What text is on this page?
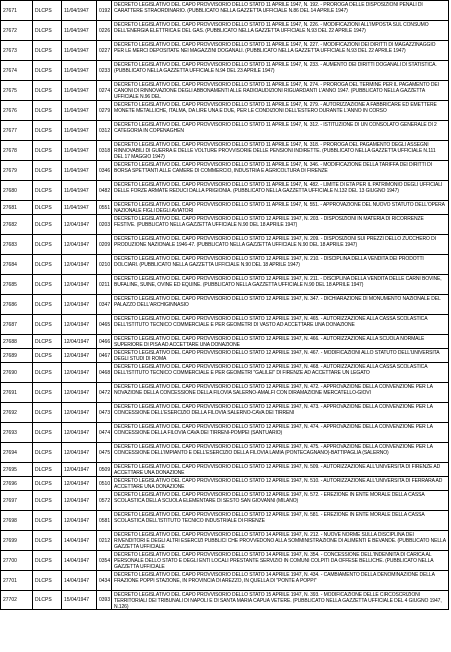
27671	DLCPS 11/04/1947 0192
DECRETO LEGISLATIVO DEL CAPO PROVVISORIO DELLO STATO 11 APRILE 1947, N. 192. - PROROGA DELLE DISPOSIZIONI PENALI DI CARATTERE STRAORDINARIO. (PUBBLICATO NELLA GAZZETTA UFFICIALE N.86 DEL 14 APRILE 1947)
27672	DLCPS 11/04/1947 0226
DECRETO LEGISLATIVO DEL CAPO PROVVISORIO DELLO STATO 11 APRILE 1947, N. 226. - MODIFICAZIONI ALL'IMPOSTA SUL CONSUMO DELL'ENERGIA ELETTRICA E DEL GAS. (PUBBLICATO NELLA GAZZETTA UFFICIALE N.93 DEL 22 APRILE 1947)
27673	DLCPS 11/04/1947 0227
DECRETO LEGISLATIVO DEL CAPO PROVVISORIO DELLO STATO 11 APRILE 1947, N. 227. - MODIFICAZIONI DEI DIRITTI DI MAGAZZINAGGIO PER LE MERCI DEPOSITATE NEI MAGAZZINI DOGANALI. (PUBBLICATO NELLA GAZZETTA UFFICIALE N.93 DEL 22 APRILE 1947)
27674	DLCPS 11/04/1947 0233
DECRETO LEGISLATIVO DEL CAPO PROVVISORIO DELLO STATO 11 APRILE 1947, N. 233. - AUMENTO DEI DIRITTI DOGANALI DI STATISTICA. (PUBBLICATO NELLA GAZZETTA UFFICIALE N.94 DEL 23 APRILE 1947)
27675	DLCPS 11/04/1947 0274
DECRETO LEGISLATIVO DEL CAPO PROVVISORIO DELLO STATO 11 APRILE 1947, N. 274. - PROROGA DEL TERMINE PER IL PAGAMENTO DEI CANONI DI RINNOVAZIONE DEGLI ABBONAMENTI ALLE RADIOAUDIZIONI RIGUARDANTI L'ANNO 1947. (PUBBLICATO NELLA GAZZETTA UFFICIALE N.96 DEL
27676	DLCPS 11/04/1947 0279
DECRETO LEGISLATIVO DEL CAPO PROVVISORIO DELLO STATO 11 APRILE 1947, N. 279. - AUTORIZZAZIONE A FABBRICARE ED EMETTERE MONETE METALLICHE, ITALMA, DA LIRE UNA E DUE, PER LE CONDIZIONI DELL'ESTERO DURANTE L'ANNO IN CORSO
27677	DLCPS 11/04/1947 0312
DECRETO LEGISLATIVO DEL CAPO PROVVISORIO DELLO STATO 11 APRILE 1947, N. 312. - ISTITUZIONE DI UN CONSOLATO GENERALE DI 2 CATEGORIA IN COPENAGHEN
27678	DLCPS 11/04/1947 0318
DECRETO LEGISLATIVO DEL CAPO PROVVISORIO DELLO STATO 11 APRILE 1947, N. 318. - PROROGA DEL PAGAMENTO DEGLI ASSEGNI RINNOVABILI DI GUERRA E DELLE VOLTURE PROVVISORIE DELLE PENSIONI INDIRETTE. (PUBBLICATO NELLA GAZZETTA UFFICIALE N.111 DEL 17 MAGGIO 1947)
27679	DLCPS 11/04/1947 0346
DECRETO LEGISLATIVO DEL CAPO PROVVISORIO DELLO STATO 11 APRILE 1947, N. 346. - MODIFICAZIONE DELLA TARIFFA DEI DIRITTI DI BORSA SPETTANTI ALLE CAMERE DI COMMERCIO, INDUSTRIA E AGRICOLTURA DI FIRENZE
27680	DLCPS 11/04/1947 0482
DECRETO LEGISLATIVO DEL CAPO PROVVISORIO DELLO STATO 11 APRILE 1947, N. 482. - LIMITE DI ETA PER IL PATRIMONIO DEGLI UFFICIALI DELLE FORZE ARMATE REDUCI DALLA PRIGIONIA. (PUBBLICATO NELLA GAZZETTA UFFICIALE N.132 DEL 13 GIUGNO 1947)
27681	DLCPS 11/04/1947 0551 DECRETO LEGISLATIVO DEL CAPO PROVVISORIO DELLO STATO 11 APRILE 1947, N. 551. - APPROVAZIONE DEL NUOVO STATUTO DELL'OPERA NAZIONALE FIGLI DEGLI AVIATORI
27682	DLCPS 12/04/1947 0203
DECRETO LEGISLATIVO DEL CAPO PROVVISORIO DELLO STATO 12 APRILE 1947, N. 203. - DISPOSIZIONI IN MATERIA DI RICORRENZE FESTIVE. (PUBBLICATO NELLA GAZZETTA UFFICIALE N.90 DEL 18 APRILE 1947)
27683	DLCPS 12/04/1947 0209
DECRETO LEGISLATIVO DEL CAPO PROVVISORIO DELLO STATO 12 APRILE 1947, N. 209. - DISPOSIZIONI SUI PREZZI DELLO ZUCCHERO DI PRODUZIONE NAZIONALE 1946-47. (PUBBLICATO NELLA GAZZETTA UFFICIALE N.90 DEL 18 APRILE 1947)
27684	DLCPS 12/04/1947 0210
DECRETO LEGISLATIVO DEL CAPO PROVVISORIO DELLO STATO 12 APRILE 1947, N. 210. - DISCIPLINA DELLA VENDITA DEI PRODOTTI DOLCIARI. (PUBBLICATO NELLA GAZZETTA UFFICIALE N.90 DEL 18 APRILE 1947)
27685	DLCPS 12/04/1947 0211
DECRETO LEGISLATIVO DEL CAPO PROVVISORIO DELLO STATO 12 APRILE 1947, N. 211. - DISCIPLINA DELLA VENDITA DELLE CARNI BOVINE, BUFALINE, SUINE, OVINE ED EQUINE. (PUBBLICATO NELLA GAZZETTA UFFICIALE N.90 DEL 18 APRILE 1947)
27686	DLCPS 12/04/1947 0347
DECRETO LEGISLATIVO DEL CAPO PROVVISORIO DELLO STATO 12 APRILE 1947, N. 347. - DICHIARAZIONE DI MONUMENTO NAZIONALE DEL PALAZZO DELL'ARCHIGINNASIO
27687	DLCPS 12/04/1947 0465
DECRETO LEGISLATIVO DEL CAPO PROVVISORIO DELLO STATO 12 APRILE 1947, N. 465. - AUTORIZZAZIONE ALLA CASSA SCOLASTICA DELL'ISTITUTO TECNICO COMMERCIALE E PER GEOMETRI DI VASTO AD ACCETTARE UNA DONAZIONE
27688	DLCPS 12/04/1947 0466 DECRETO LEGISLATIVO DEL CAPO PROVVISORIO DELLO STATO 12 APRILE 1947, N. 466. - AUTORIZZAZIONE ALLA SCUOLA NORMALE SUPERIORE DI PISA AD ACCETTARE UNA DONAZIONE
27689	DLCPS 12/04/1947 0467 DECRETO LEGISLATIVO DEL CAPO PROVVISORIO DELLO STATO 12 APRILE 1947, N. 467. - MODIFICAZIONI ALLO STATUTO DELL'UNIVERSITA DEGLI STUDI DI ROMA
27690	DLCPS 12/04/1947 0468
DECRETO LEGISLATIVO DEL CAPO PROVVISORIO DELLO STATO 12 APRILE 1947, N. 468. - AUTORIZZAZIONE ALLA CASSA SCOLASTICA DELL'ISTITUTO TECNICO COMMERCIALE E PER GEOMETRI "GALILEI" DI FIRENZE AD ACCETTARE UN LEGATO
27691	DLCPS 12/04/1947 0472
DECRETO LEGISLATIVO DEL CAPO PROVVISORIO DELLO STATO 12 APRILE 1947, N. 472. - APPROVAZIONE DELLA CONVENZIONE PER LA NOVAZIONE DELLA CONCESSIONE DELLA FILOVIA SALERNO-AMALFI CON DIRAMAZIONE MERCATELLO-GIOVI
27692	DLCPS 12/04/1947 0473
DECRETO LEGISLATIVO DEL CAPO PROVVISORIO DELLO STATO 12 APRILE 1947, N. 473. - APPROVAZIONE DELLA CONVENZIONE PER LA CONCESSIONE DELL'ESERCIZIO DELLA FILOVIA SALERNO-CAVA DEI TIRRENI
27693	DLCPS 12/04/1947 0474
DECRETO LEGISLATIVO DEL CAPO PROVVISORIO DELLO STATO 12 APRILE 1947, N. 474. - APPROVAZIONE DELLA CONVENZIONE PER LA CONCESSIONE DELLA FILOVIA CAVA DEI TIRRENI-POMPEI (SANTUARIO)
27694	DLCPS 12/04/1947 0475
DECRETO LEGISLATIVO DEL CAPO PROVVISORIO DELLO STATO 12 APRILE 1947, N. 475. - APPROVAZIONE DELLA CONVENZIONE PER LA CONCESSIONE DELL'IMPIANTO E DELL'ESERCIZIO DELLA FILOVIA LAMIA (PONTECAGNANO)-BATTIPAGLIA (SALERNO)
27695	DLCPS 12/04/1947 0509 DECRETO LEGISLATIVO DEL CAPO PROVVISORIO DELLO STATO 12 APRILE 1947, N. 509. - AUTORIZZAZIONE ALL'UNIVERSITA DI FIRENZE AD ACCETTARE UNA DONAZIONE
27696	DLCPS 12/04/1947 0510 DECRETO LEGISLATIVO DEL CAPO PROVVISORIO DELLO STATO 12 APRILE 1947, N. 510. - AUTORIZZAZIONE ALL'UNIVERSITA DI FERRARA AD ACCETTARE UNA DONAZIONE
27697	DLCPS 12/04/1947 0572
DECRETO LEGISLATIVO DEL CAPO PROVVISORIO DELLO STATO 12 APRILE 1947, N. 572. - EREZIONE IN ENTE MORALE DELLA CASSA SCOLASTICA DELLA SCUOLA ELEMENTARE DI SESTO SAN GIOVANNI (MILANO)
27698	DLCPS 12/04/1947 0581
DECRETO LEGISLATIVO DEL CAPO PROVVISORIO DELLO STATO 12 APRILE 1947, N. 581. - EREZIONE IN ENTE MORALE DELLA CASSA SCOLASTICA DELL'ISTITUTO TECNICO INDUSTRIALE DI FIRENZE
27699	DLCPS 14/04/1947 0212
DECRETO LEGISLATIVO DEL CAPO PROVVISORIO DELLO STATO 14 APRILE 1947, N. 212. - NUOVE NORME SULLA DISCIPLINA DEI RIVENDITORI E DEGLI ALTRI ESERCIZI PUBBLICI CHE PROVVEDONO ALLA SOMMINISTRAZIONE DI ALIMENTI E BEVANDE. (PUBBLICATO NELLA GAZZETTA UFFICIALE
27700	DLCPS 14/04/1947 0354
DECRETO LEGISLATIVO DEL CAPO PROVVISORIO DELLO STATO 14 APRILE 1947, N. 354. - CONCESSIONE DELL'INDENNITA DI CARICA AL PERSONALE DELLO STATO E DEGLI ENTI LOCALI PRESTANTE SERVIZIO IN COMUNI COLPITI DA OFFESE BELLICHE. (PUBBLICATO NELLA GAZZETTA UFFICIALE
27701	DLCPS 14/04/1947 0434
DECRETO LEGISLATIVO DEL CAPO PROVVISORIO DELLO STATO 14 APRILE 1947, N. 434. - CAMBIAMENTO DELLA DENOMINAZIONE DELLA FRAZIONE POPPI STAZIONE, IN PROVINCIA DI AREZZO, IN QUELLA DI "PONTE A POPPI"
27702	DLCPS 15/04/1947 0393
DECRETO LEGISLATIVO DEL CAPO PROVVISORIO DELLO STATO 15 APRILE 1947, N. 393. - MODIFICAZIONE DELLE CIRCOSCRIZIONI TERRITORIALI DEI TRIBUNALI DI NAPOLI E DI SANTA MARIA CAPUA VETERE. (PUBBLICATO NELLA GAZZETTA UFFICIALE DEL 4 GIUGNO 1947, N.126)
